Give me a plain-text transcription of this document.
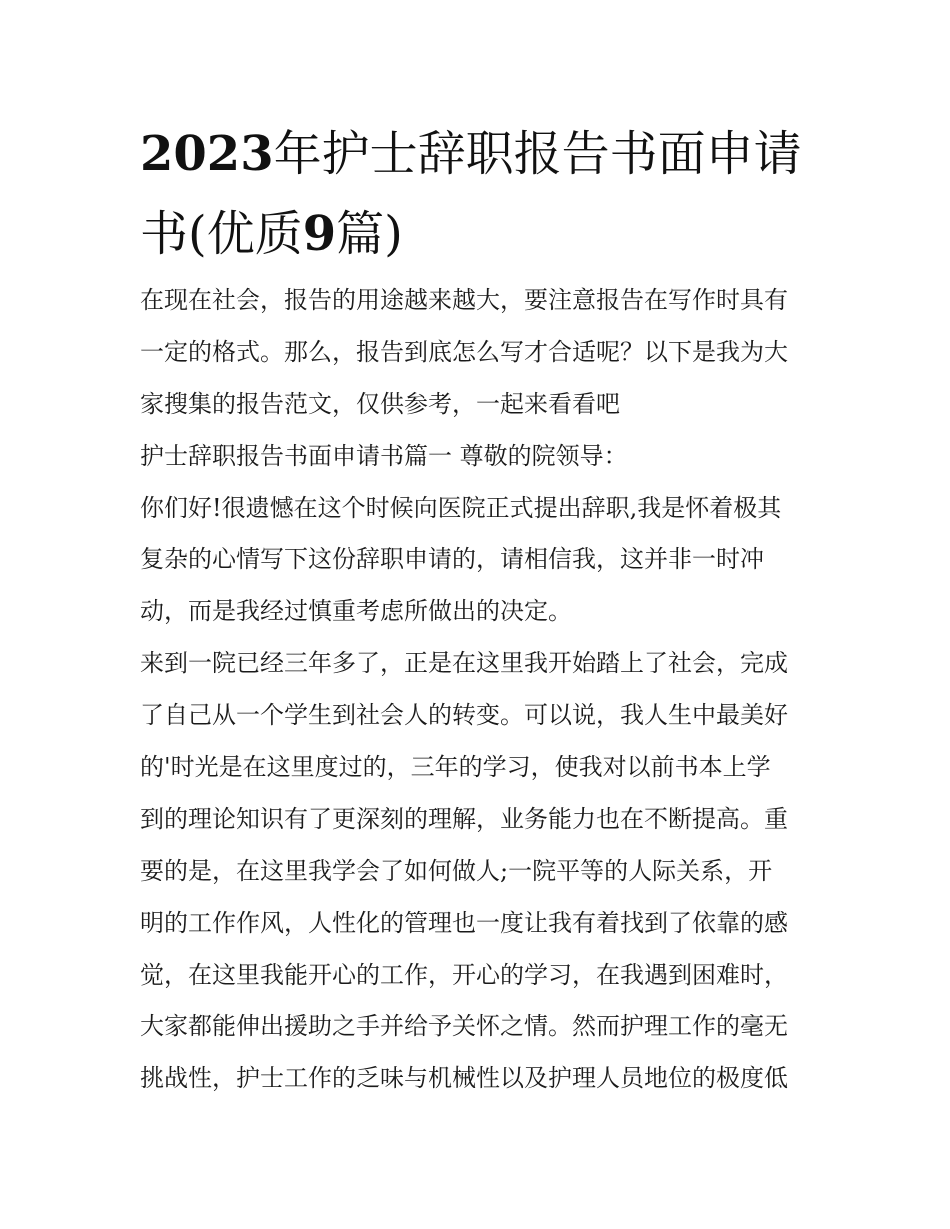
2023年护士辞职报告书面申请
书(优质9篇)
在现在社会，报告的用途越来越大，要注意报告在写作时具有
一定的格式。那么，报告到底怎么写才合适呢？以下是我为大
家搜集的报告范文，仅供参考，一起来看看吧
护士辞职报告书面申请书篇一 尊敬的院领导：
你们好!很遗憾在这个时候向医院正式提出辞职,我是怀着极其
复杂的心情写下这份辞职申请的，请相信我，这并非一时冲
动，而是我经过慎重考虑所做出的决定。
来到一院已经三年多了，正是在这里我开始踏上了社会，完成
了自己从一个学生到社会人的转变。可以说，我人生中最美好
的'时光是在这里度过的，三年的学习，使我对以前书本上学
到的理论知识有了更深刻的理解，业务能力也在不断提高。重
要的是，在这里我学会了如何做人;一院平等的人际关系，开
明的工作作风，人性化的管理也一度让我有着找到了依靠的感
觉，在这里我能开心的工作，开心的学习，在我遇到困难时，
大家都能伸出援助之手并给予关怀之情。然而护理工作的毫无
挑战性，护士工作的乏味与机械性以及护理人员地位的极度低
